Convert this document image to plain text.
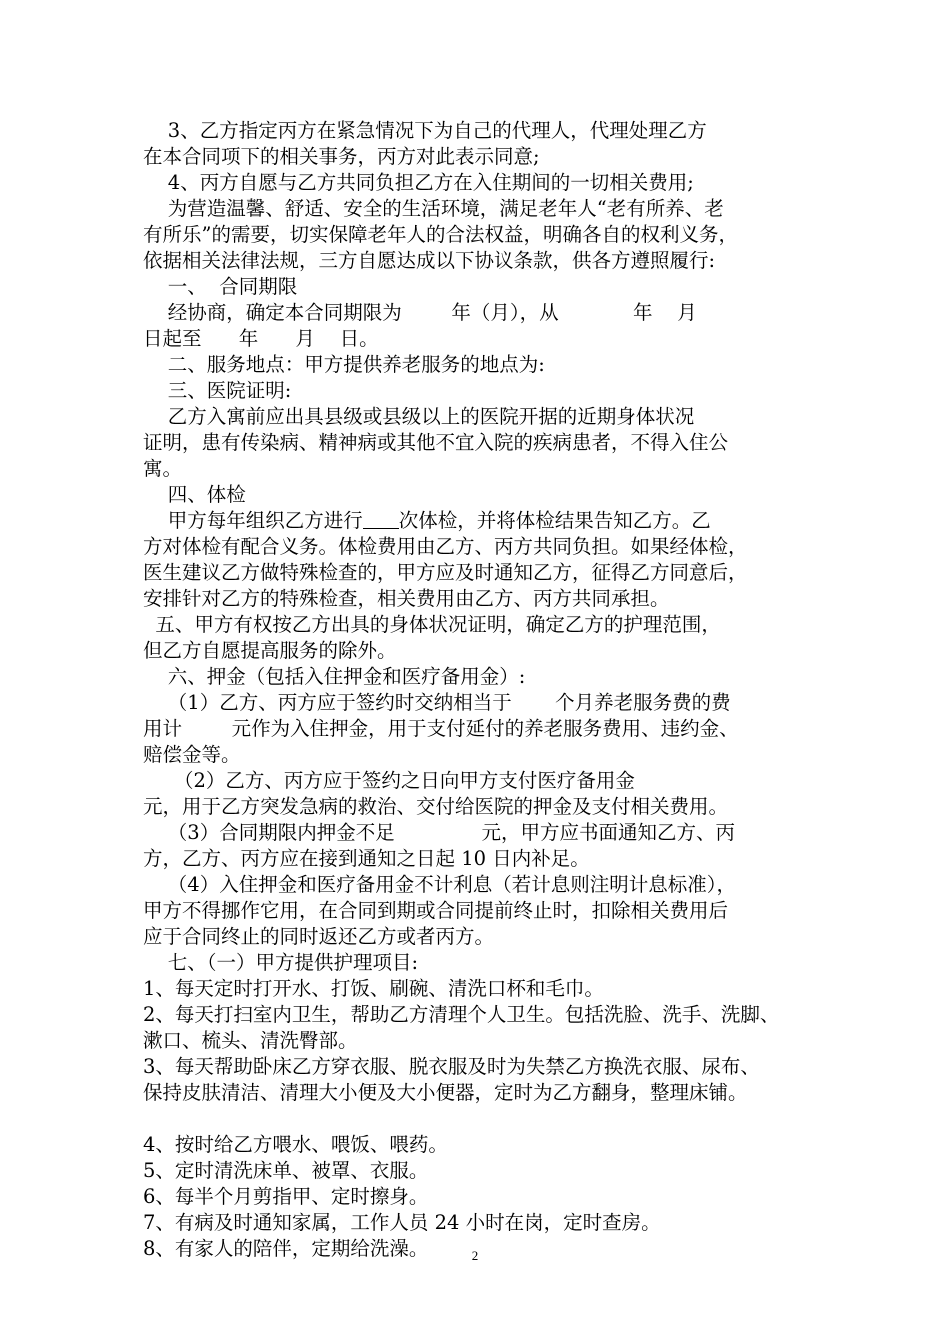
3、乙方指定丙方在紧急情况下为自己的代理人，代理处理乙方
在本合同项下的相关事务，丙方对此表示同意;
4、丙方自愿与乙方共同负担乙方在入住期间的一切相关费用;
为营造温馨、舒适、安全的生活环境，满足老年人“老有所养、老
有所乐”的需要，切实保障老年人的合法权益，明确各自的权利义务，
依据相关法律法规，三方自愿达成以下协议条款，供各方遵照履行:
一、  合同期限
经协商，确定本合同期限为        年（月），从            年    月
日起至      年      月    日。
二、服务地点：甲方提供养老服务的地点为:
三、医院证明:
乙方入寓前应出具县级或县级以上的医院开据的近期身体状况
证明，患有传染病、精神病或其他不宜入院的疾病患者，不得入住公
寓。
四、体检
甲方每年组织乙方进行 次体检，并将体检结果告知乙方。乙
方对体检有配合义务。体检费用由乙方、丙方共同负担。如果经体检，
医生建议乙方做特殊检查的，甲方应及时通知乙方，征得乙方同意后，
安排针对乙方的特殊检查，相关费用由乙方、丙方共同承担。
五、甲方有权按乙方出具的身体状况证明，确定乙方的护理范围，
但乙方自愿提高服务的除外。
六、押金（包括入住押金和医疗备用金）:
（1）乙方、丙方应于签约时交纳相当于       个月养老服务费的费
用计        元作为入住押金，用于支付延付的养老服务费用、违约金、
赔偿金等。
（2）乙方、丙方应于签约之日向甲方支付医疗备用金
元，用于乙方突发急病的救治、交付给医院的押金及支付相关费用。
（3）合同期限内押金不足              元，甲方应书面通知乙方、丙
方，乙方、丙方应在接到通知之日起 10 日内补足。
（4）入住押金和医疗备用金不计利息（若计息则注明计息标准），
甲方不得挪作它用，在合同到期或合同提前终止时，扣除相关费用后
应于合同终止的同时返还乙方或者丙方。
七、（一）甲方提供护理项目:
1、每天定时打开水、打饭、刷碗、清洗口杯和毛巾。
2、每天打扫室内卫生，帮助乙方清理个人卫生。包括洗脸、洗手、洗脚、
漱口、梳头、清洗臀部。
3、每天帮助卧床乙方穿衣服、脱衣服及时为失禁乙方换洗衣服、尿布、
保持皮肤清洁、清理大小便及大小便器，定时为乙方翻身，整理床铺。
4、按时给乙方喂水、喂饭、喂药。
5、定时清洗床单、被罩、衣服。
6、每半个月剪指甲、定时擦身。
7、有病及时通知家属，工作人员 24 小时在岗，定时查房。
8、有家人的陪伴，定期给洗澡。	2
